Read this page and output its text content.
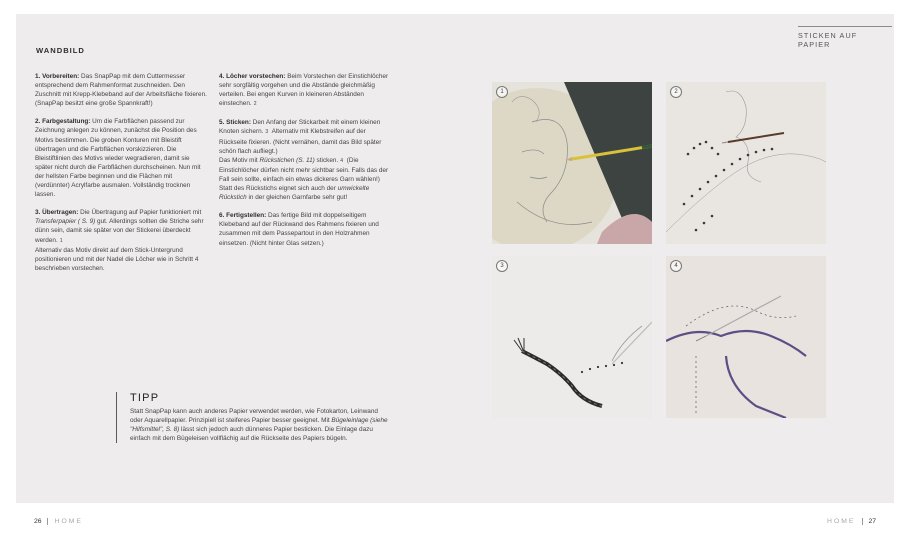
STICKEN AUF PAPIER
WANDBILD

1. Vorbereiten: Das SnapPap mit dem Cuttermesser entsprechend dem Rahmenformat zuschneiden. Den Zuschnitt mit Krepp-Klebeband auf der Arbeitsfläche fixieren. (SnapPap besitzt eine große Spannkraft!)

2. Farbgestaltung: Um die Farbflächen passend zur Zeichnung anlegen zu können, zunächst die Position des Motivs bestimmen. Die groben Konturen mit Bleistift übertragen und die Farbflächen vorskizzieren. Die Bleistiftlinien des Motivs wieder wegradieren, damit sie später nicht durch die Farbflächen durchscheinen. Nun mit der hellsten Farbe beginnen und die Flächen mit (verdünnter) Acrylfarbe ausmalen. Vollständig trocknen lassen.

3. Übertragen: Die Übertragung auf Papier funktioniert mit Transferpapier ( S. 9) gut. Allerdings sollten die Striche sehr dünn sein, damit sie später von der Stickerei überdeckt werden. 1
Alternativ das Motiv direkt auf dem Stick-Untergrund positionieren und mit der Nadel die Löcher wie in Schritt 4 beschrieben vorstechen.

4. Löcher vorstechen: Beim Vorstechen der Einstichlöcher sehr sorgfältig vorgehen und die Abstände gleichmäßig verteilen. Bei engen Kurven in kleineren Abständen einstechen. 2

5. Sticken: Den Anfang der Stickarbeit mit einem kleinen Knoten sichern. 3 Alternativ mit Klebstreifen auf der Rückseite fixieren. (Nicht vernähen, damit das Bild später schön flach aufliegt.)
Das Motiv mit Rückstichen (S. 11) sticken. 4 (Die Einstichlöcher dürfen nicht mehr sichtbar sein. Falls das der Fall sein sollte, einfach ein etwas dickeres Garn wählen!)
Statt des Rückstichs eignet sich auch der umwickelte Rückstich in der gleichen Garnfarbe sehr gut!

6. Fertigstellen: Das fertige Bild mit doppelseitigem Klebeband auf der Rückwand des Rahmens fixieren und zusammen mit dem Passepartout in den Holzrahmen einsetzen. (Nicht hinter Glas setzen.)

TIPP
Statt SnapPap kann auch anderes Papier verwendet werden, wie Fotokarton, Leinwand oder Aquarellpapier. Prinzipiell ist steiferes Papier besser geeignet. Mit Bügeleinlage (siehe "Hilfsmittel", S. 8) lässt sich jedoch auch dünneres Papier besticken. Die Einlage dazu einfach mit dem Bügeleisen vollflächig auf die Rückseite des Papiers bügeln.
1	2
3	4
26 HOME	HOME 27
